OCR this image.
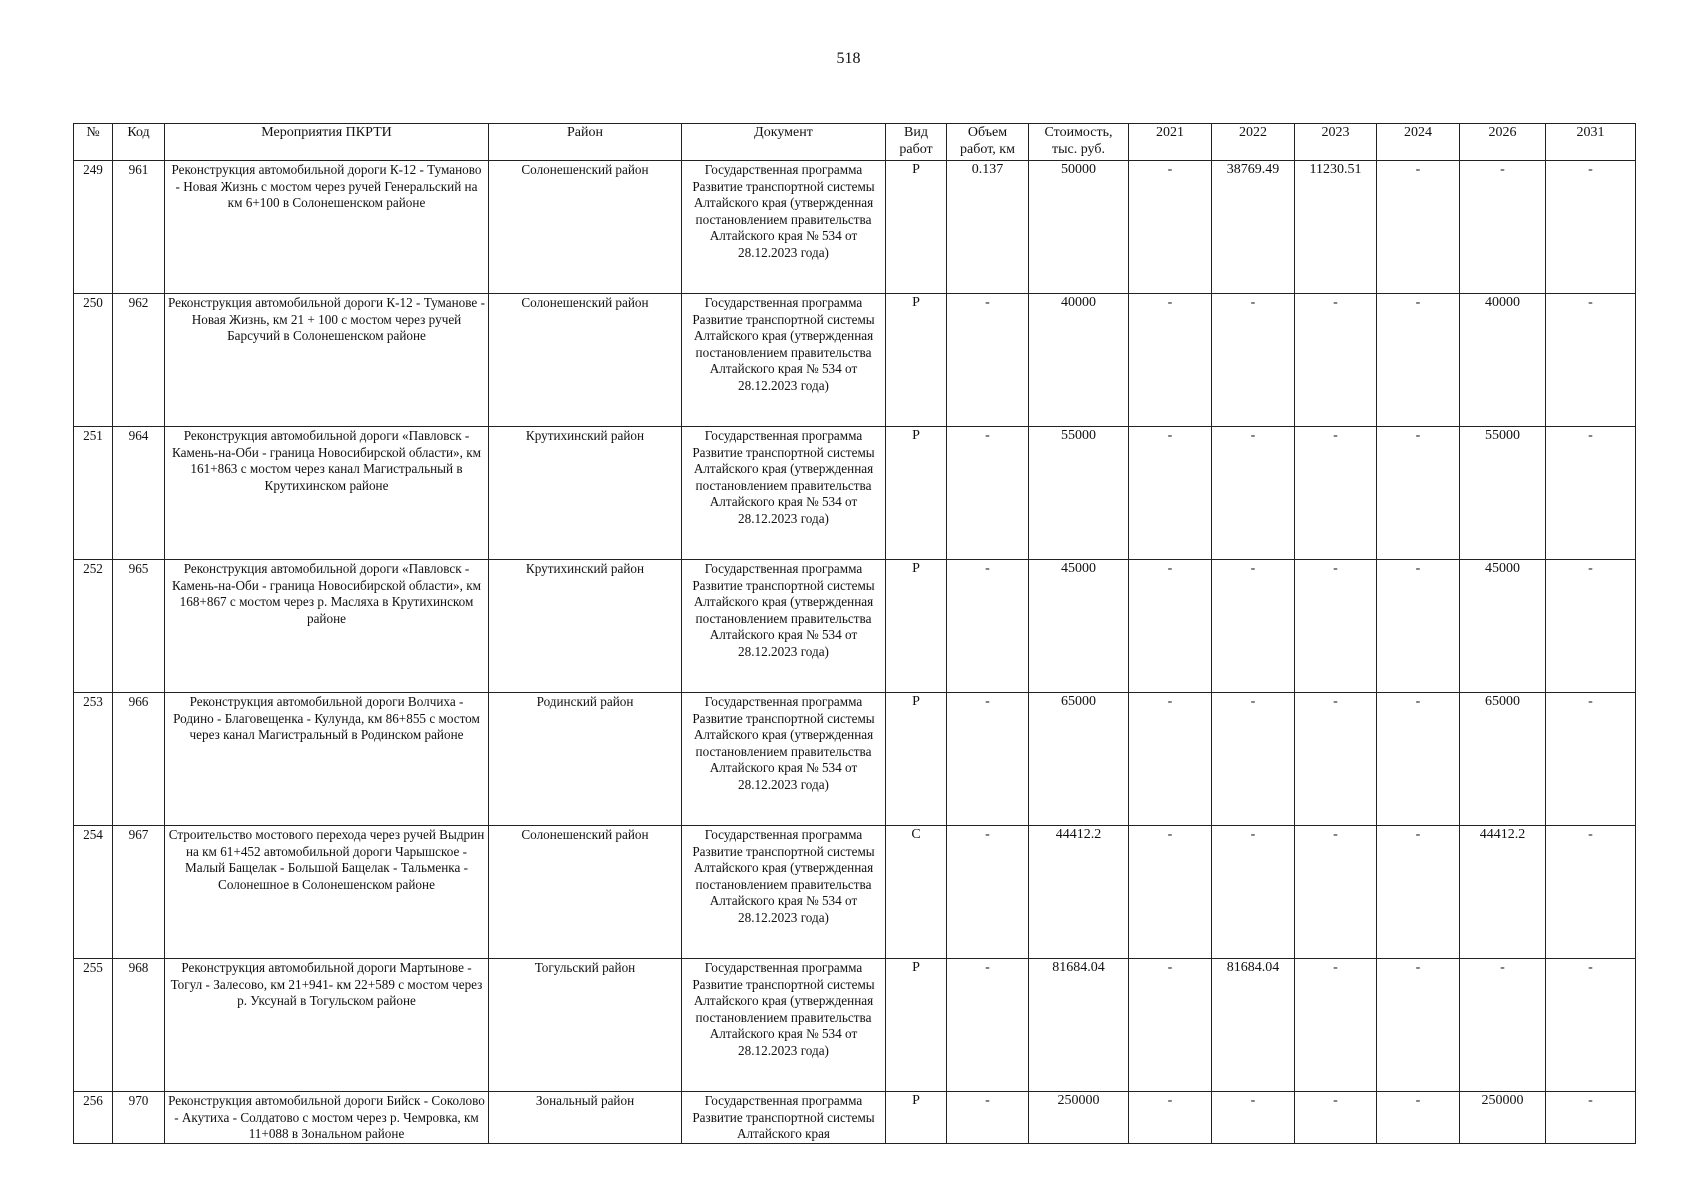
518
№	Код	Мероприятия ПКРТИ	Район	Документ	Вид работ	Объем работ, км	Стоимость, тыс. руб.	2021	2022	2023	2024	2026	2031
249	961	Реконструкция автомобильной дороги К-12 - Туманово - Новая Жизнь с мостом через ручей Генеральский на км 6+100 в Солонешенском районе	Солонешенский район	Государственная программа Развитие транспортной системы Алтайского края (утвержденная постановлением правительства Алтайского края № 534 от 28.12.2023 года)	Р	0.137	50000	-	38769.49	11230.51	-	-	-
250	962	Реконструкция автомобильной дороги К-12 - Туманове - Новая Жизнь, км 21 + 100 с мостом через ручей Барсучий в Солонешенском районе	Солонешенский район	Государственная программа Развитие транспортной системы Алтайского края (утвержденная постановлением правительства Алтайского края № 534 от 28.12.2023 года)	Р	-	40000	-	-	-	-	40000	-
251	964	Реконструкция автомобильной дороги «Павловск - Камень-на-Оби - граница Новосибирской области», км 161+863 с мостом через канал Магистральный в Крутихинском районе	Крутихинский район	Государственная программа Развитие транспортной системы Алтайского края (утвержденная постановлением правительства Алтайского края № 534 от 28.12.2023 года)	Р	-	55000	-	-	-	-	55000	-
252	965	Реконструкция автомобильной дороги «Павловск - Камень-на-Оби - граница Новосибирской области», км 168+867 с мостом через р. Масляха в Крутихинском районе	Крутихинский район	Государственная программа Развитие транспортной системы Алтайского края (утвержденная постановлением правительства Алтайского края № 534 от 28.12.2023 года)	Р	-	45000	-	-	-	-	45000	-
253	966	Реконструкция автомобильной дороги Волчиха - Родино - Благовещенка - Кулунда, км 86+855 с мостом через канал Магистральный в Родинском районе	Родинский район	Государственная программа Развитие транспортной системы Алтайского края (утвержденная постановлением правительства Алтайского края № 534 от 28.12.2023 года)	Р	-	65000	-	-	-	-	65000	-
254	967	Строительство мостового перехода через ручей Выдрин на км 61+452 автомобильной дороги Чарышское - Малый Бащелак - Большой Бащелак - Тальменка - Солонешное в Солонешенском районе	Солонешенский район	Государственная программа Развитие транспортной системы Алтайского края (утвержденная постановлением правительства Алтайского края № 534 от 28.12.2023 года)	С	-	44412.2	-	-	-	-	44412.2	-
255	968	Реконструкция автомобильной дороги Мартынове - Тогул - Залесово, км 21+941- км 22+589 с мостом через р. Уксунай в Тогульском районе	Тогульский район	Государственная программа Развитие транспортной системы Алтайского края (утвержденная постановлением правительства Алтайского края № 534 от 28.12.2023 года)	Р	-	81684.04	-	81684.04	-	-	-	-
256	970	Реконструкция автомобильной дороги Бийск - Соколово - Акутиха - Солдатово с мостом через р. Чемровка, км 11+088 в Зональном районе	Зональный район	Государственная программа Развитие транспортной системы Алтайского края	Р	-	250000	-	-	-	-	250000	-
